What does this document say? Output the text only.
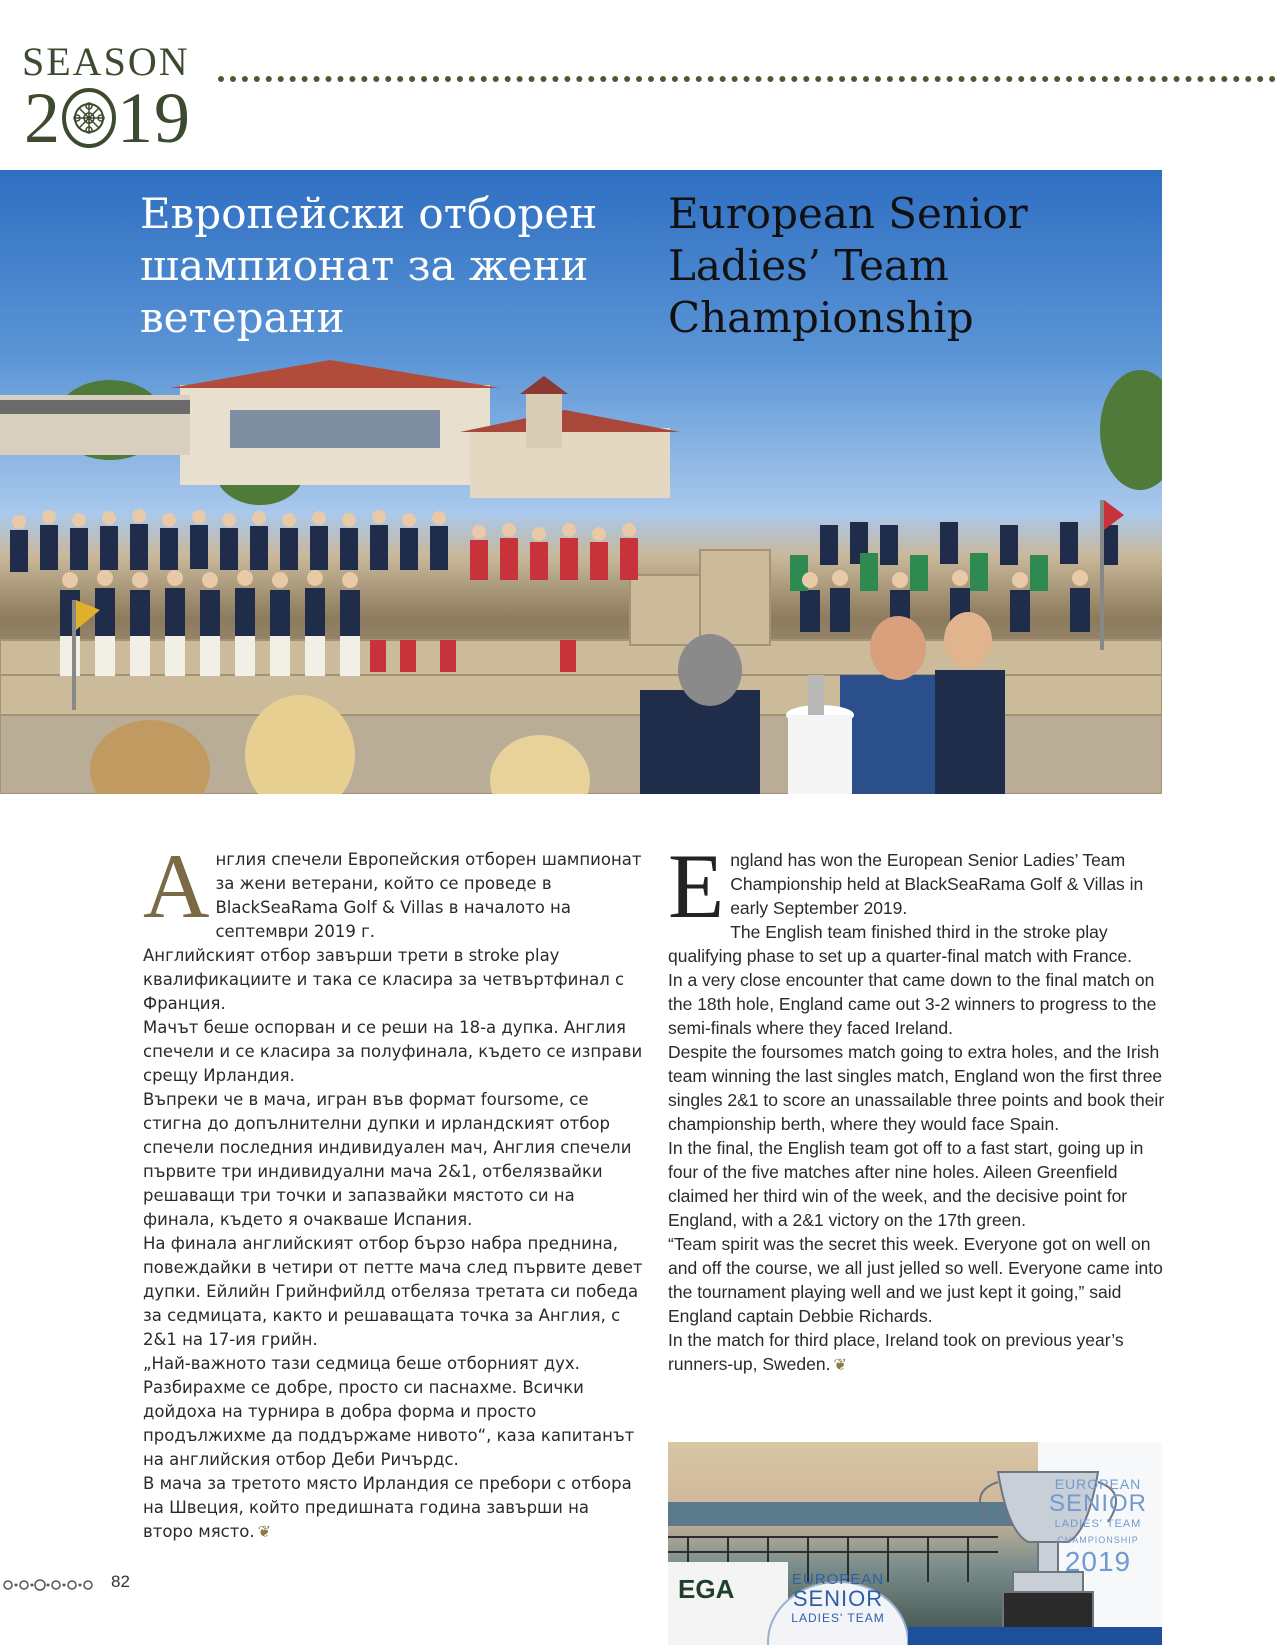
SEASON
2 19
Европейски отборен шампионат за жени ветерани
European Senior Ladies’ Team Championship
А нглия спечели Европейския отборен шампионат за жени ветерани, който се проведе в BlackSeaRama Golf & Villas в началото на септември 2019 г.

Английският отбор завърши трети в stroke play квалификациите и така се класира за четвъртфинал с Франция.

Мачът беше оспорван и се реши на 18-а дупка. Англия спечели и се класира за полуфинала, където се изправи срещу Ирландия.

Въпреки че в мача, игран във формат foursome, се стигна до допълнителни дупки и ирландският отбор спечели последния индивидуален мач, Англия спечели първите три индивидуални мача 2&1, отбелязвайки решаващи три точки и запазвайки мястото си на финала, където я очакваше Испания.

На финала английският отбор бързо набра преднина, повеждайки в четири от петте мача след първите девет дупки. Ейлийн Грийнфийлд отбеляза третата си победа за седмицата, както и решаващата точка за Англия, с 2&1 на 17-ия грийн.

„Най-важното тази седмица беше отборният дух. Разбирахме се добре, просто си паснахме. Всички дойдоха на турнира в добра форма и просто продължихме да поддържаме нивото“, каза капитанът на английския отбор Деби Ричърдс.

В мача за третото място Ирландия се пребори с отбора на Швеция, който предишната година завърши на второ място. ❦

E ngland has won the European Senior Ladies’ Team Championship held at BlackSeaRama Golf & Villas in early September 2019.

The English team finished third in the stroke play qualifying phase to set up a quarter-final match with France.

In a very close encounter that came down to the final match on the 18th hole, England came out 3-2 winners to progress to the semi-finals where they faced Ireland.

Despite the foursomes match going to extra holes, and the Irish team winning the last singles match, England won the first three singles 2&1 to score an unassailable three points and book their championship berth, where they would face Spain.

In the final, the English team got off to a fast start, going up in four of the five matches after nine holes. Aileen Greenfield claimed her third win of the week, and the decisive point for England, with a 2&1 victory on the 17th green.

“Team spirit was the secret this week. Everyone got on well on and off the course, we all just jelled so well. Everyone came into the tournament playing well and we just kept it going,” said England captain Debbie Richards.

In the match for third place, Ireland took on previous year’s runners-up, Sweden. ❦

EGA	EUROPEAN
SENIOR
LADIES' TEAM
EUROPEAN
SENIOR
LADIES' TEAM
CHAMPIONSHIP
2019
82
